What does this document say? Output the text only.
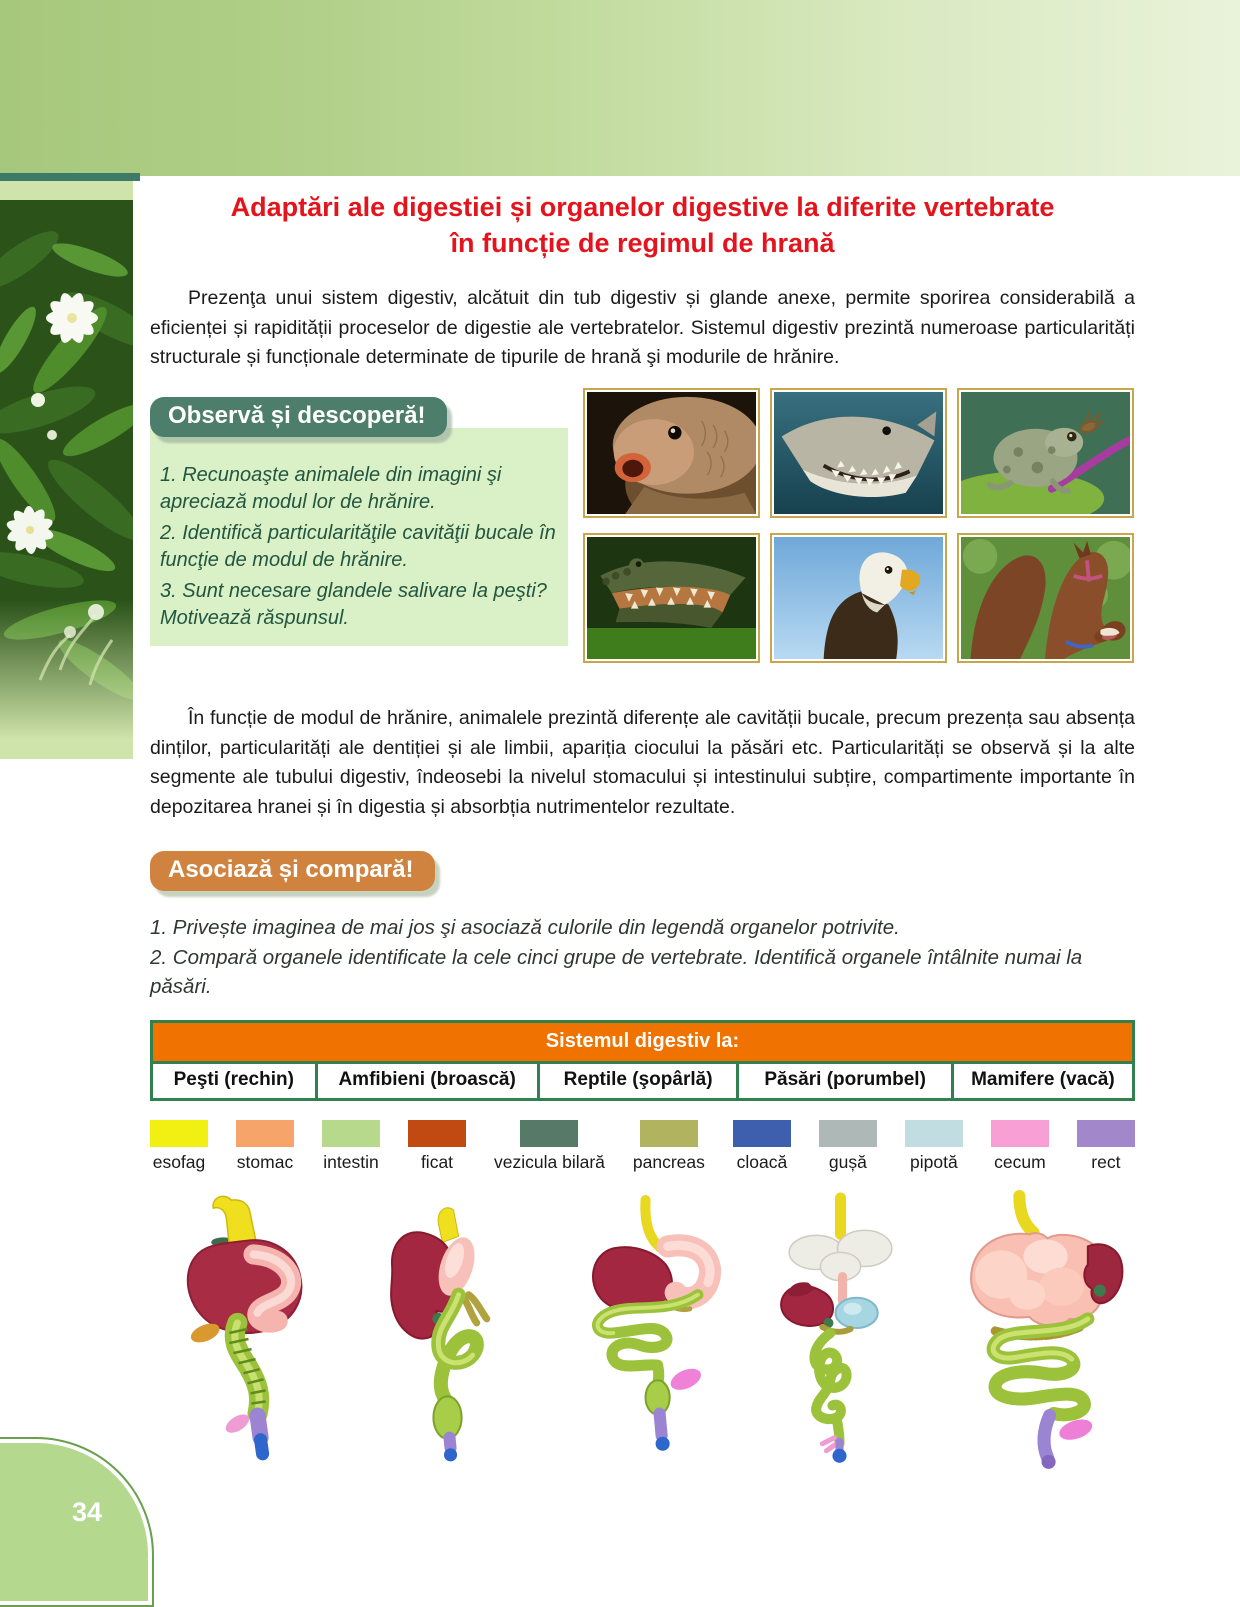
Adaptări ale digestiei și organelor digestive la diferite vertebrate
în funcție de regimul de hrană
Prezenţa unui sistem digestiv, alcătuit din tub digestiv și glande anexe, permite sporirea considerabilă a eficienței și rapidității proceselor de digestie ale vertebratelor. Sistemul digestiv prezintă numeroase particularități structurale și funcționale determinate de tipurile de hrană şi modurile de hrănire.
Observă și descoperă!

1. Recunoaşte animalele din imagini şi apreciază modul lor de hrănire.

2. Identifică particularităţile cavităţii bucale în funcţie de modul de hrănire.

3. Sunt necesare glandele salivare la peşti? Motivează răspunsul.

În funcție de modul de hrănire, animalele prezintă diferențe ale cavității bucale, precum prezența sau absența dinților, particularități ale dentiției și ale limbii, apariția ciocului la păsări etc. Particularități se observă și la alte segmente ale tubului digestiv, îndeosebi la nivelul stomacului și intestinului subțire, compartimente importante în depozitarea hranei și în digestia și absorbția nutrimentelor rezultate.
Asociază și compară!

1. Privește imaginea de mai jos şi asociază culorile din legendă organelor potrivite.

2. Compară organele identificate la cele cinci grupe de vertebrate. Identifică organele întâlnite numai la păsări.

Sistemul digestiv la:
Peşti (rechin)	Amfibieni (broască)	Reptile (şopârlă)	Păsări (porumbel)	Mamifere (vacă)
esofag stomac intestin ficat vezicula bilară pancreas cloacă gușă pipotă cecum	rect
34
